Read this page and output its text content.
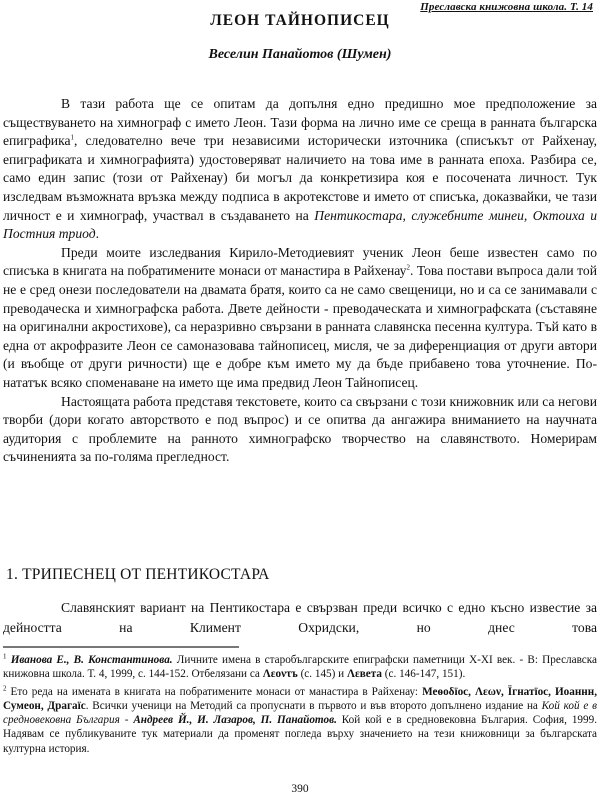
Преславска книжовна школа. Т. 14
ЛЕОН ТАЙНОПИСЕЦ
Веселин Панайотов (Шумен)

В тази работа ще се опитам да допълня едно предишно мое предположение за съществуването на химнограф с името Леон. Тази форма на лично име се среща в ранната българска епиграфика$^1$, следователно вече три независими исторически източника (списъкът от Райхенау, епиграфиката и химнографията) удостоверяват наличието на това име в ранната епоха. Разбира се, само един запис (този от Райхенау) би могъл да конкретизира коя е посочената личност. Тук изследвам възможната връзка между подписа в акротекстове и името от списъка, доказвайки, че тази личност е и химнограф, участвал в създаването на Пентикостара, служебните минеи, Октоиха и Постния триод.

Преди моите изследвания Кирило-Методиевият ученик Леон беше известен само по списъка в книгата на побратимените монаси от манастира в Райхенау$^2$. Това постави въпроса дали той не е сред онези последователи на двамата братя, които са не само свещеници, но и са се занимавали с преводаческа и химнографска работа. Двете дейности - преводаческата и химнографската (съставяне на оригинални акростихове), са неразривно свързани в ранната славянска песенна култура. Тъй като в една от акрофразите Леон се самоназовава тайнописец, мисля, че за диференциация от други автори (и въобще от други ричности) ще е добре към името му да бъде прибавено това уточнение. По-нататък всяко споменаване на името ще има предвид Леон Тайнописец.

Настоящата работа представя текстовете, които са свързани с този книжовник или са негови творби (дори когато авторството е под въпрос) и се опитва да ангажира вниманието на научната аудитория с проблемите на ранното химнографско творчество на славянството. Номерирам съчиненията за по-голяма прегледност.

1. ТРИПЕСНЕЦ ОТ ПЕНТИКОСТАРА

Славянският вариант на Пентикостара е свързван преди всичко с едно късно известие за дейността на Климент Охридски, но днес това

$^1$ Иванова Е., В. Константинова. Личните имена в старобългарските епиграфски паметници X-XI век. - В: Преславска книжовна школа. Т. 4, 1999, с. 144-152. Отбелязани са Λεοντъ (с. 145) и Λεвета (с. 146-147, 151).

$^2$ Ето реда на имената в книгата на побратимените монаси от манастира в Райхенау: Меѳоδїос, Λεων, Їгнатїос, Иоаннн, Сумеон, Драгаїс. Всички ученици на Методий са пропуснати в първото и във второто допълнено издание на Кой кой е в средновековна България - Андреев Й., И. Лазаров, П. Панайотов. Кой кой е в средновековна България. София, 1999. Надявам се публикуваните тук материали да променят погледа върху значението на тези книжовници за българската културна история.

390
